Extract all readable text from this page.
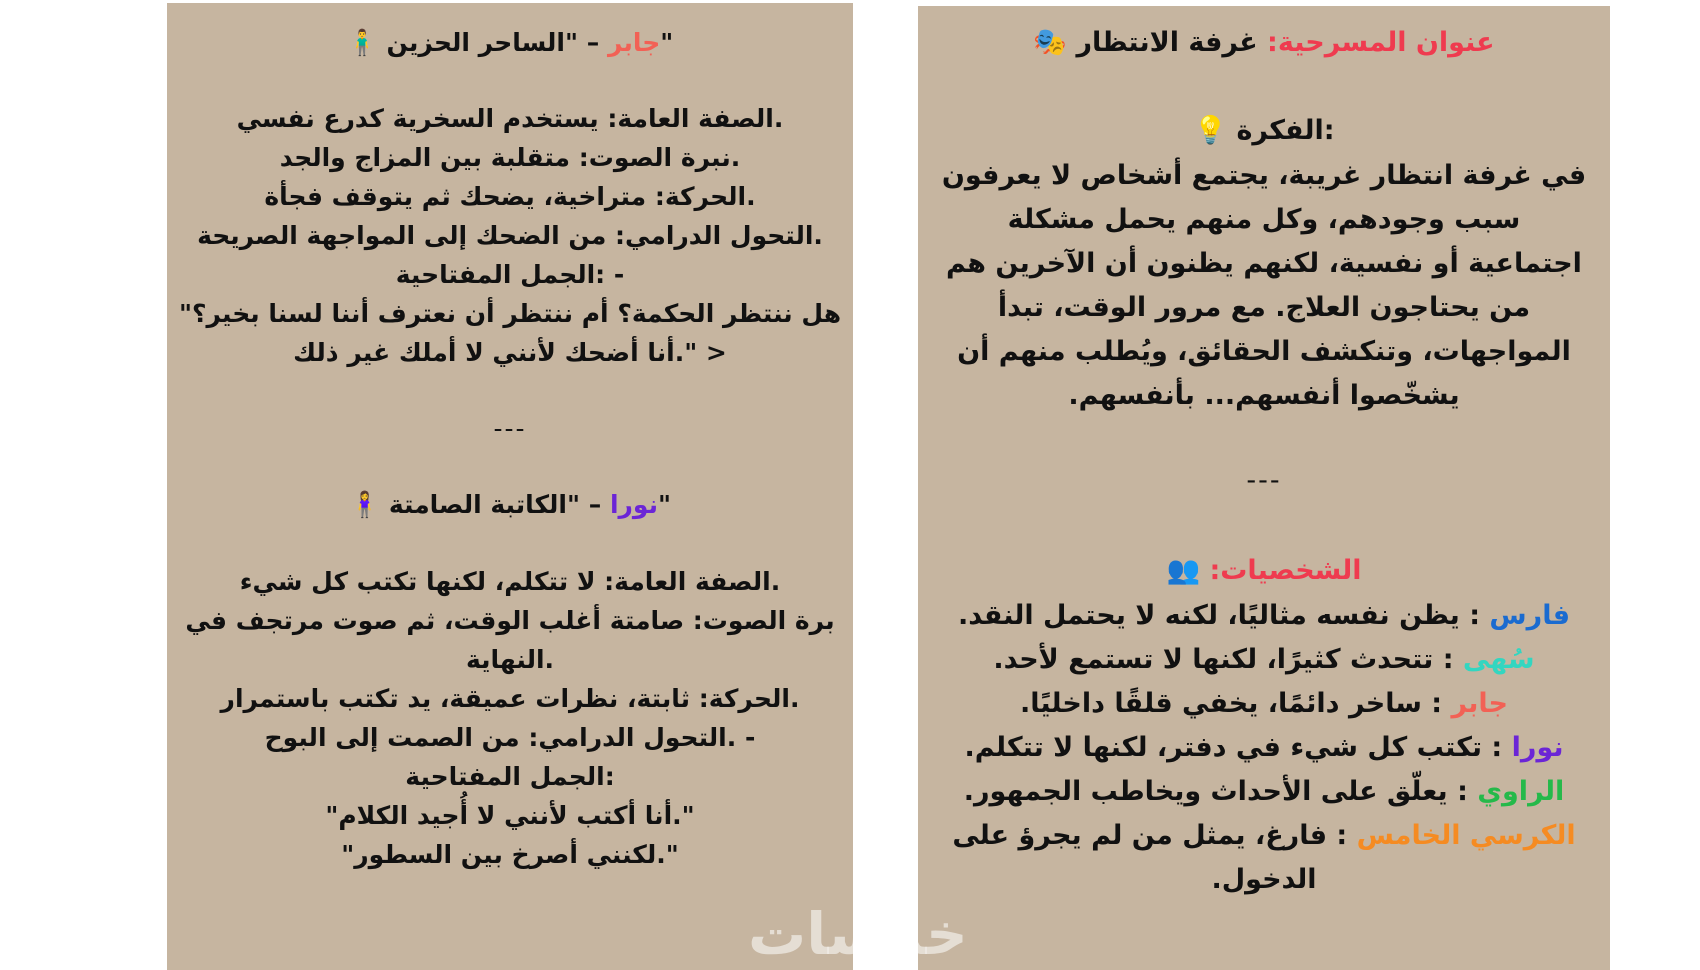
"جابر – "الساحر الحزين 🧍‍♂️
.الصفة العامة: يستخدم السخرية كدرع نفسي
.نبرة الصوت: متقلبة بين المزاج والجد
.الحركة: متراخية، يضحك ثم يتوقف فجأة
.التحول الدرامي: من الضحك إلى المواجهة الصريحة
- :الجمل المفتاحية
هل ننتظر الحكمة؟ أم ننتظر أن نعترف أننا لسنا بخير؟"
< ".أنا أضحك لأنني لا أملك غير ذلك
---
"نورا – "الكاتبة الصامتة 🧍‍♀️
.الصفة العامة: لا تتكلم، لكنها تكتب كل شيء
برة الصوت: صامتة أغلب الوقت، ثم صوت مرتجف في
.النهاية
.الحركة: ثابتة، نظرات عميقة، يد تكتب باستمرار
- .التحول الدرامي: من الصمت إلى البوح
:الجمل المفتاحية
".أنا أكتب لأنني لا أُجيد الكلام"
".لكنني أصرخ بين السطور"
عنوان المسرحية: غرفة الانتظار 🎭
:الفكرة 💡
في غرفة انتظار غريبة، يجتمع أشخاص لا يعرفون
سبب وجودهم، وكل منهم يحمل مشكلة
اجتماعية أو نفسية، لكنهم يظنون أن الآخرين هم
من يحتاجون العلاج. مع مرور الوقت، تبدأ
المواجهات، وتنكشف الحقائق، ويُطلب منهم أن
يشخّصوا أنفسهم... بأنفسهم.
---
الشخصيات: 👥
فارس : يظن نفسه مثاليًا، لكنه لا يحتمل النقد.
سُهى : تتحدث كثيرًا، لكنها لا تستمع لأحد.
جابر : ساخر دائمًا، يخفي قلقًا داخليًا.
نورا : تكتب كل شيء في دفتر، لكنها لا تتكلم.
الراوي : يعلّق على الأحداث ويخاطب الجمهور.
الكرسي الخامس : فارغ، يمثل من لم يجرؤ على
الدخول.
خمسات
